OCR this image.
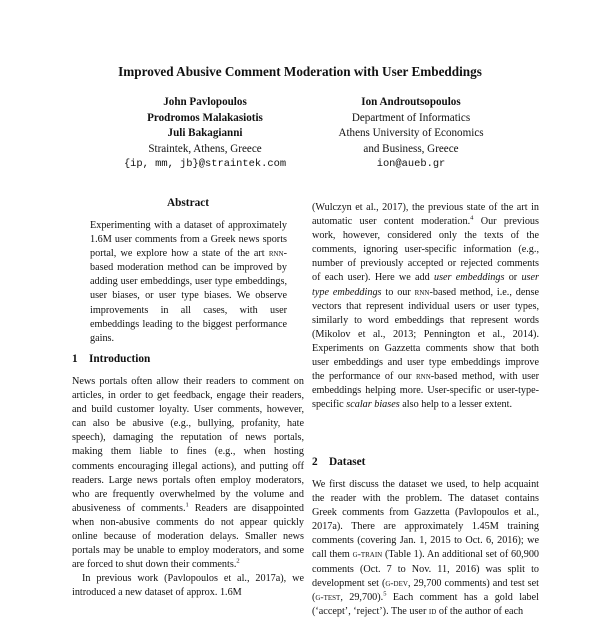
Improved Abusive Comment Moderation with User Embeddings
John Pavlopoulos
Prodromos Malakasiotis
Juli Bakagianni
Straintek, Athens, Greece
{ip, mm, jb}@straintek.com
Ion Androutsopoulos
Department of Informatics
Athens University of Economics
and Business, Greece
ion@aueb.gr
Abstract
Experimenting with a dataset of approximately 1.6M user comments from a Greek news sports portal, we explore how a state of the art rnn-based moderation method can be improved by adding user embeddings, user type embeddings, user biases, or user type biases. We observe improvements in all cases, with user embeddings leading to the biggest performance gains.
1 Introduction

News portals often allow their readers to comment on articles, in order to get feedback, engage their readers, and build customer loyalty. User comments, however, can also be abusive (e.g., bullying, profanity, hate speech), damaging the reputation of news portals, making them liable to fines (e.g., when hosting comments encouraging illegal actions), and putting off readers. Large news portals often employ moderators, who are frequently overwhelmed by the volume and abusiveness of comments.$^1$ Readers are disappointed when non-abusive comments do not appear quickly online because of moderation delays. Smaller news portals may be unable to employ moderators, and some are forced to shut down their comments.$^2$

In previous work (Pavlopoulos et al., 2017a), we introduced a new dataset of approx. 1.6M

(Wulczyn et al., 2017), the previous state of the art in automatic user content moderation.$^4$ Our previous work, however, considered only the texts of the comments, ignoring user-specific information (e.g., number of previously accepted or rejected comments of each user). Here we add user embeddings or user type embeddings to our rnn-based method, i.e., dense vectors that represent individual users or user types, similarly to word embeddings that represent words (Mikolov et al., 2013; Pennington et al., 2014). Experiments on Gazzetta comments show that both user embeddings and user type embeddings improve the performance of our rnn-based method, with user embeddings helping more. User-specific or user-type-specific scalar biases also help to a lesser extent.

2 Dataset

We first discuss the dataset we used, to help acquaint the reader with the problem. The dataset contains Greek comments from Gazzetta (Pavlopoulos et al., 2017a). There are approximately 1.45M training comments (covering Jan. 1, 2015 to Oct. 6, 2016); we call them g-train (Table 1). An additional set of 60,900 comments (Oct. 7 to Nov. 11, 2016) was split to development set (g-dev, 29,700 comments) and test set (g-test, 29,700).$^5$ Each comment has a gold label (‘accept’, ‘reject’). The user id of the author of each
